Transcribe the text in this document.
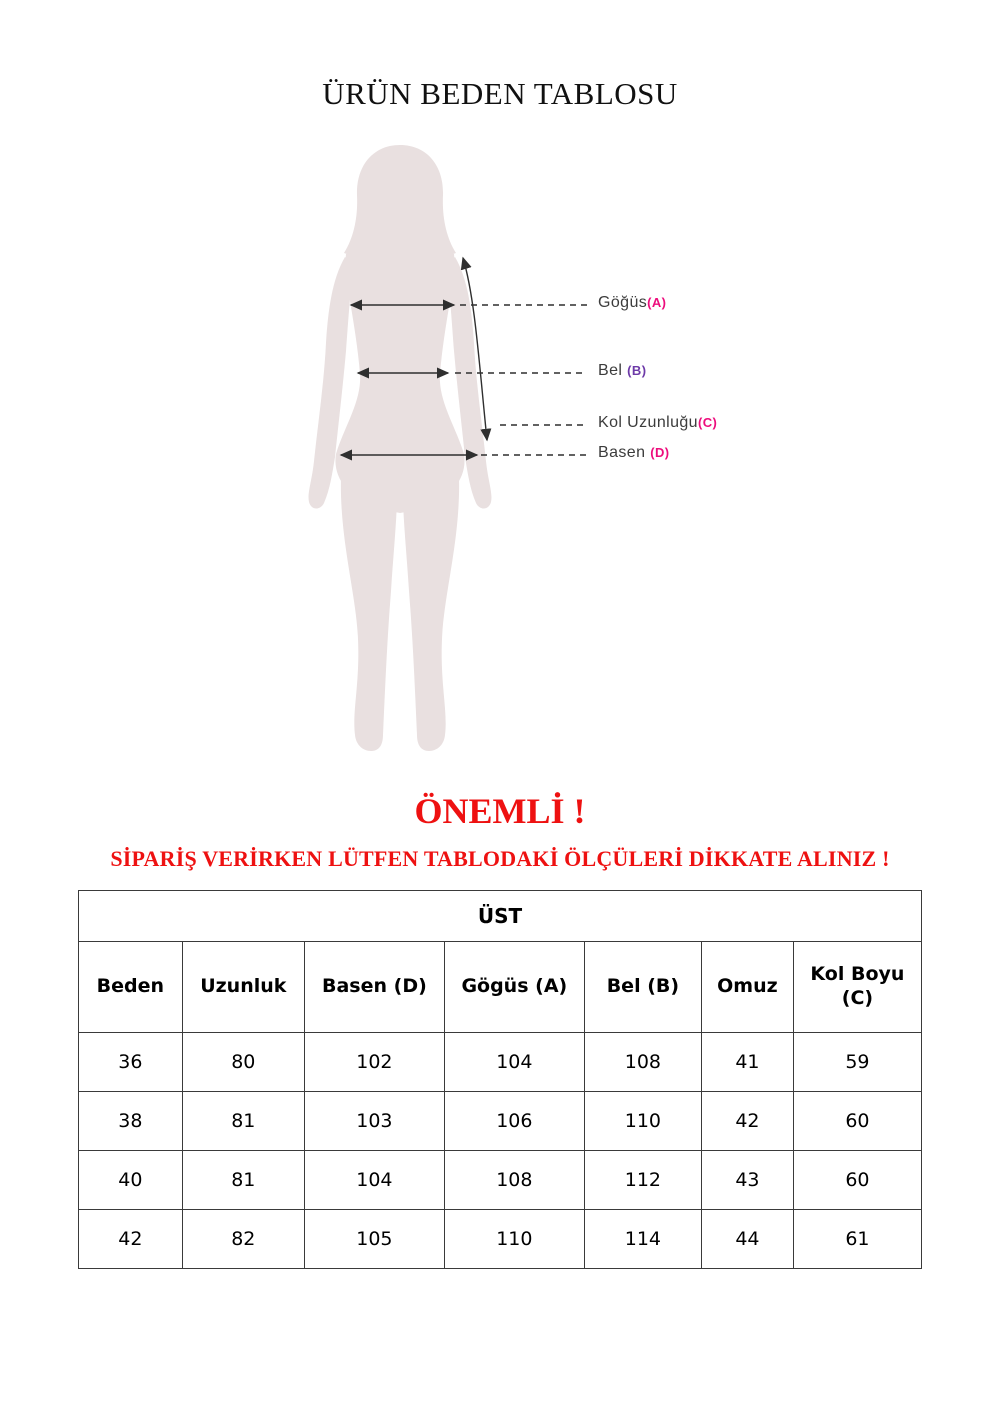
ÜRÜN BEDEN TABLOSU
Göğüs(A)
Bel (B)
Kol Uzunluğu(C)
Basen (D)
ÖNEMLİ !
SİPARİŞ VERİRKEN LÜTFEN TABLODAKİ ÖLÇÜLERİ DİKKATE ALINIZ !
ÜST						
Beden	Uzunluk	Basen (D)	Gögüs (A)	Bel (B)	Omuz	Kol Boyu (C)
36	80	102	104	108	41	59
38	81	103	106	110	42	60
40	81	104	108	112	43	60
42	82	105	110	114	44	61
